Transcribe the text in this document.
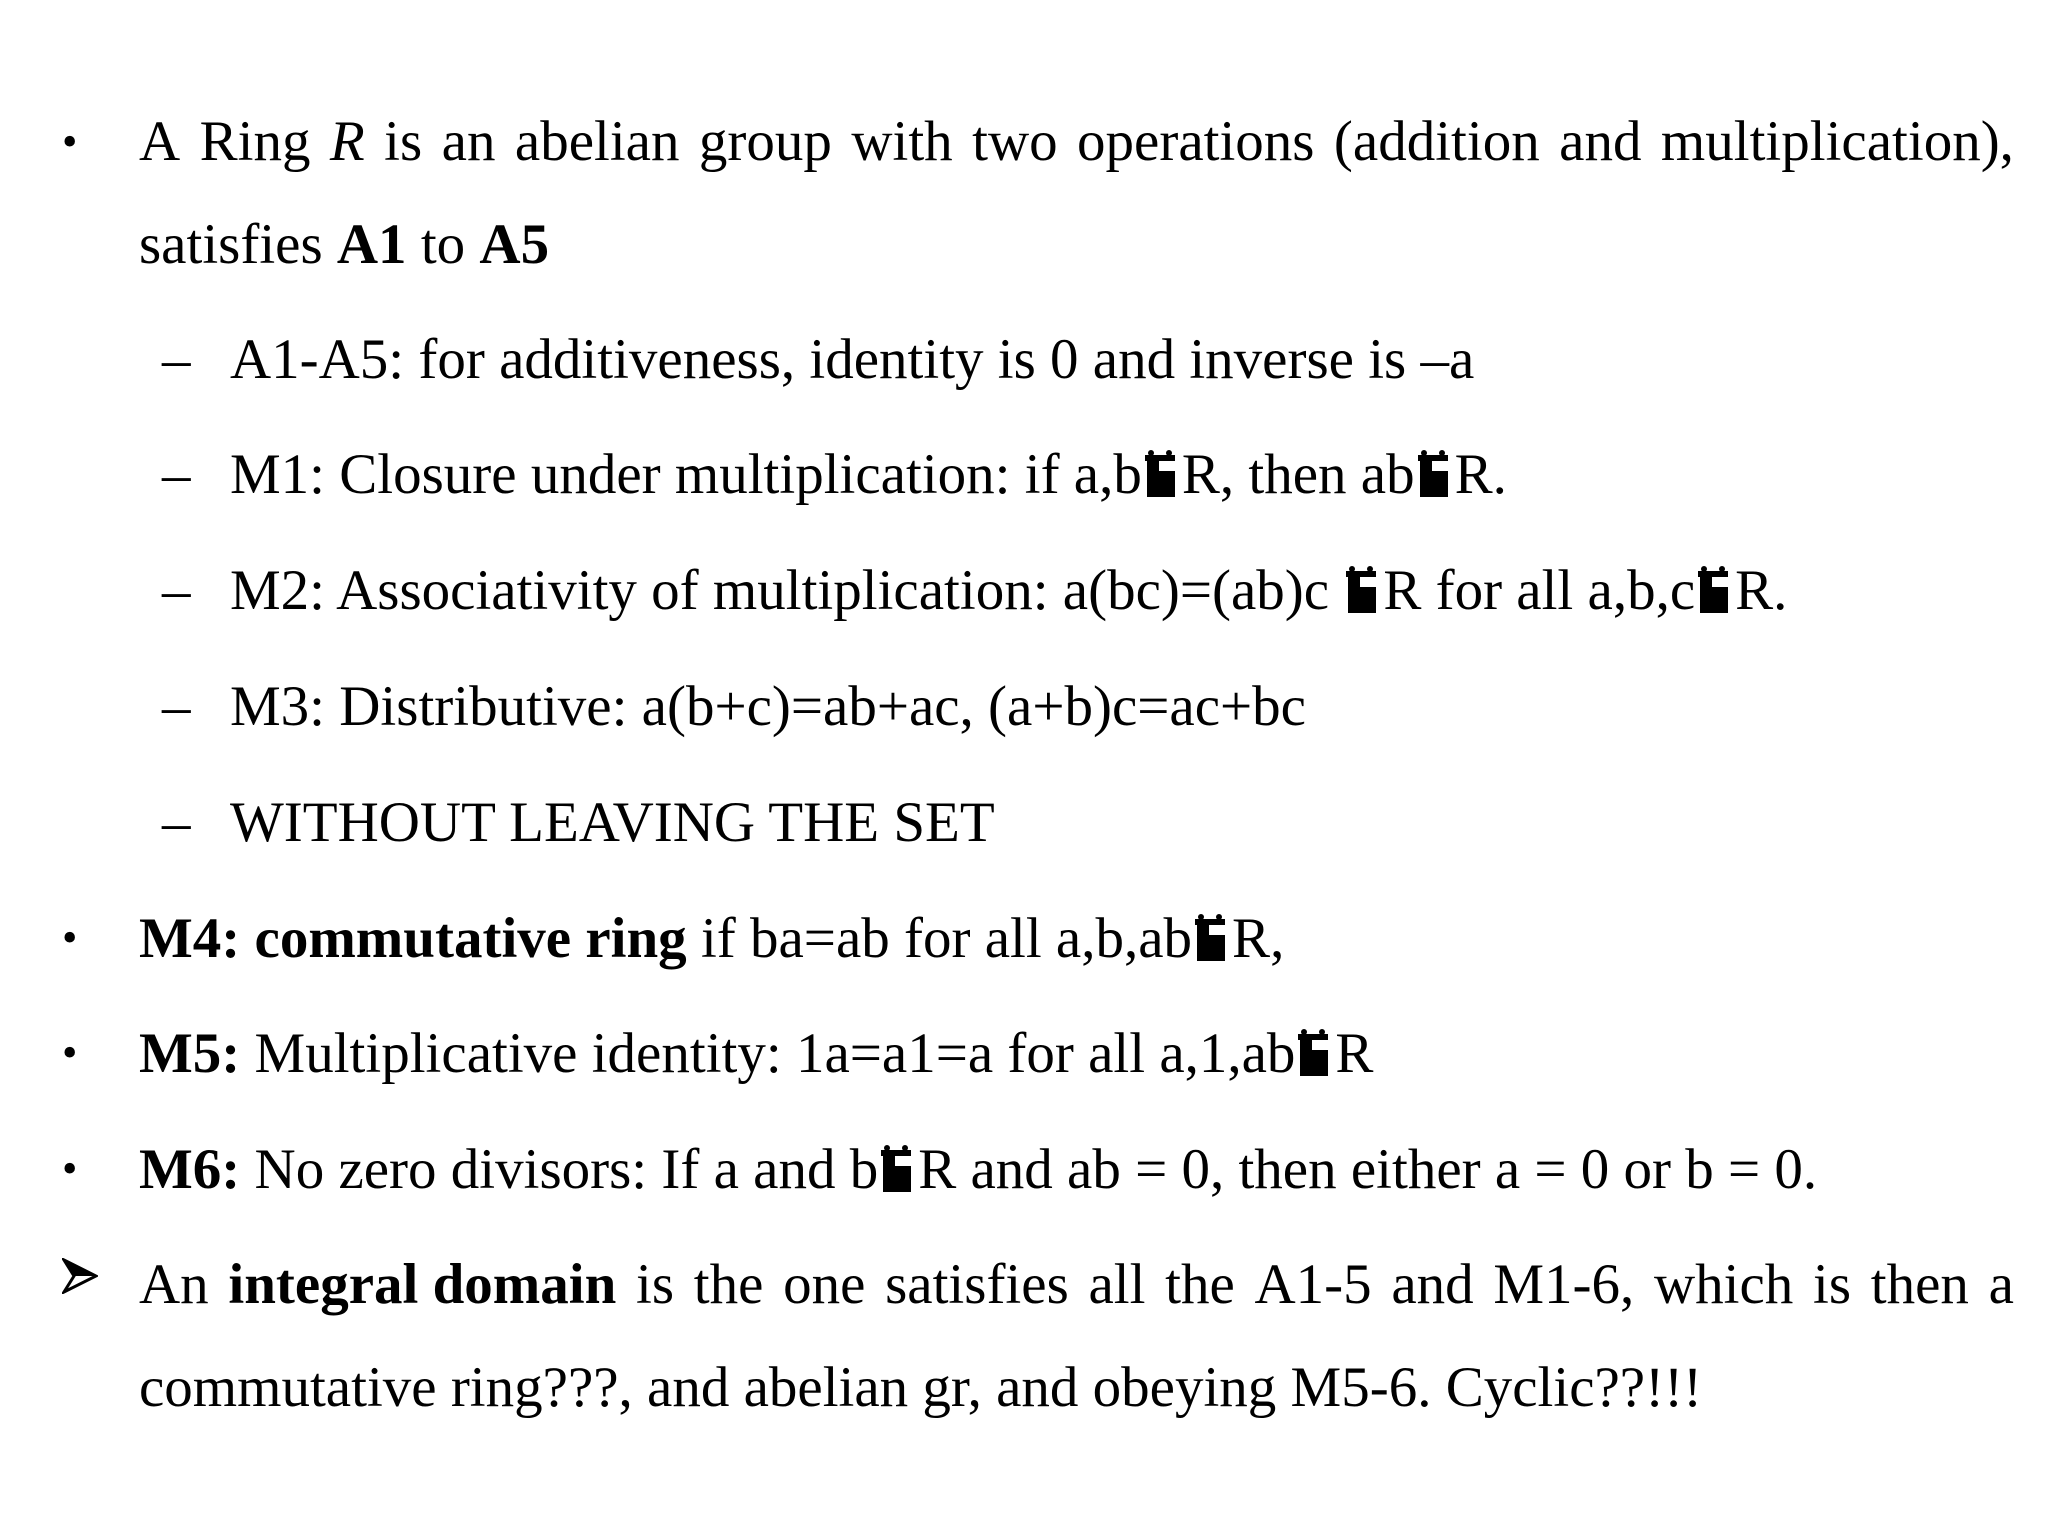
• A Ring R is an abelian group with two operations (addition and multiplication),
satisfies A1 to A5
– A1-A5: for additiveness, identity is 0 and inverse is –a
– M1: Closure under multiplication: if a,b R, then ab R.
– M2: Associativity of multiplication: a(bc)=(ab)c R for all a,b,c R.
– M3: Distributive: a(b+c)=ab+ac, (a+b)c=ac+bc
– WITHOUT LEAVING THE SET
• M4: commutative ring if ba=ab for all a,b,ab R,
• M5: Multiplicative identity: 1a=a1=a for all a,1,ab R
• M6: No zero divisors: If a and b R and ab = 0, then either a = 0 or b = 0.
An integral domain is the one satisfies all the A1-5 and M1-6, which is then a
commutative ring???, and abelian gr, and obeying M5-6. Cyclic??!!!
